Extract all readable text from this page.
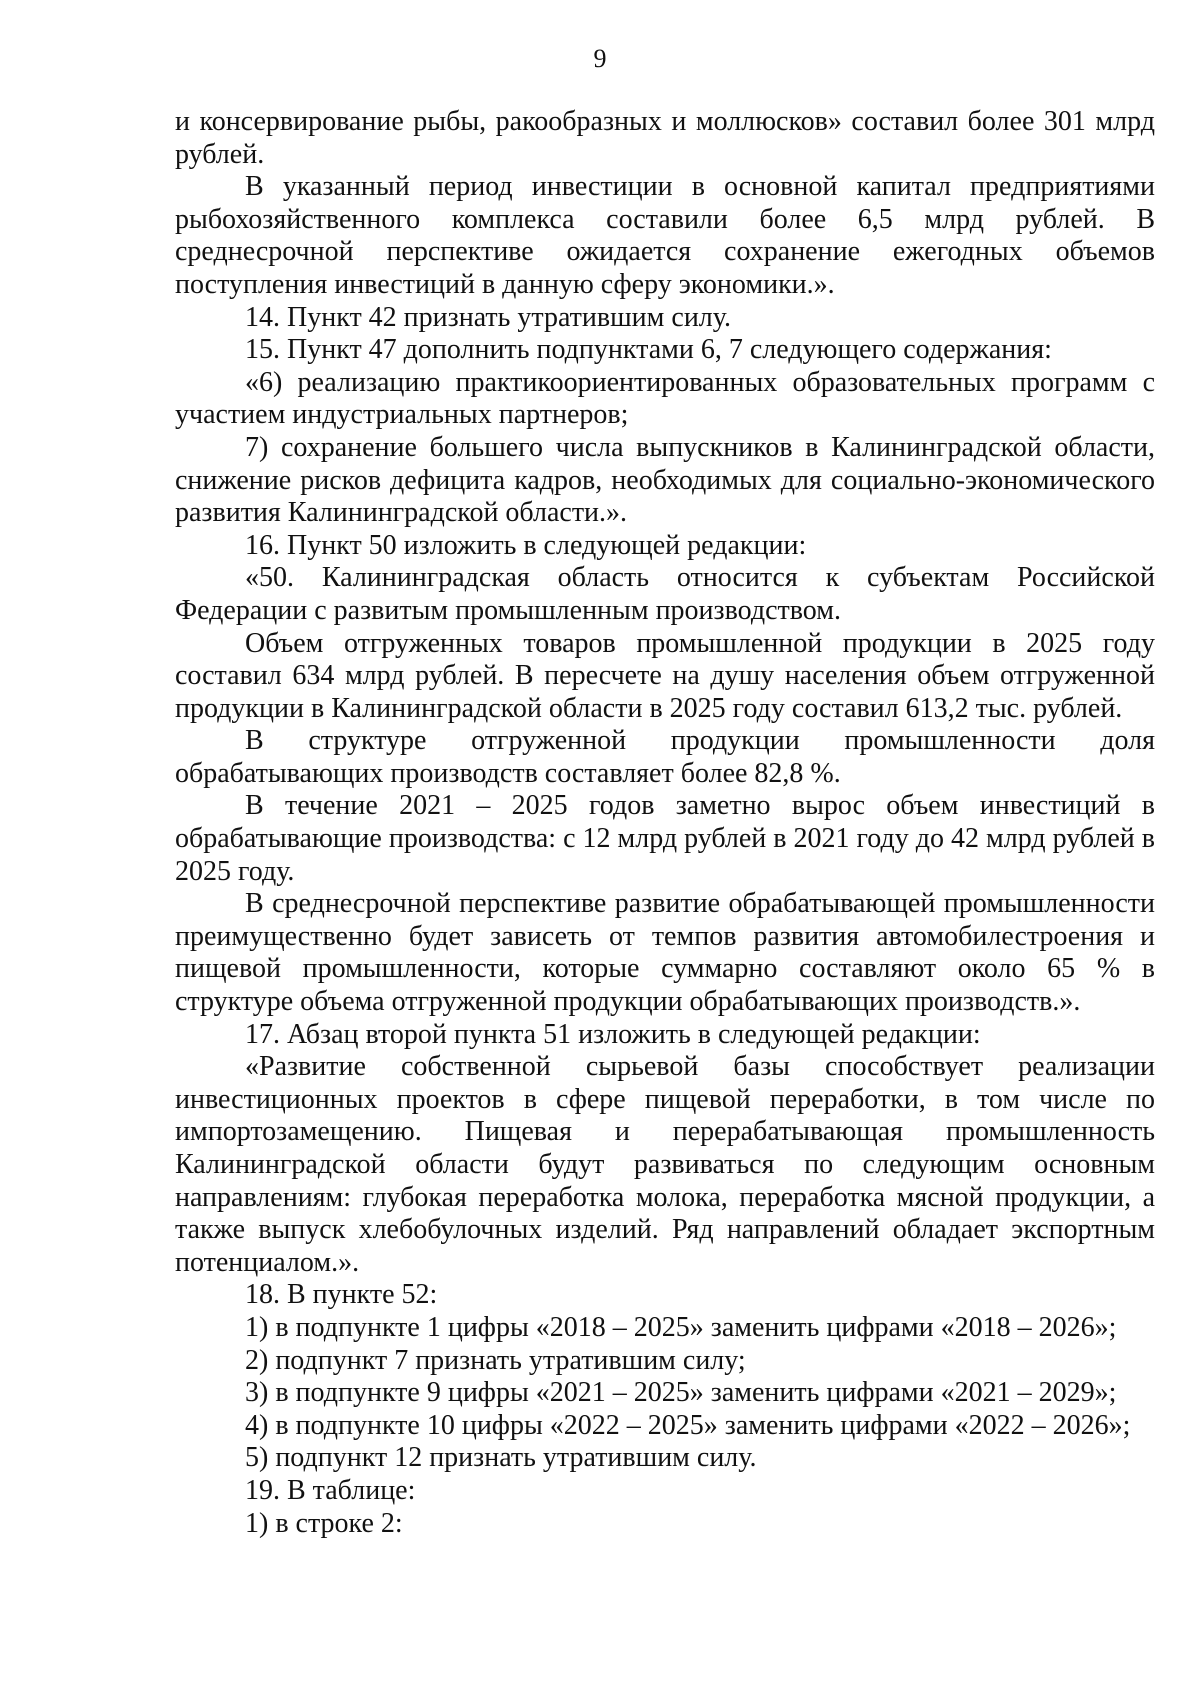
9

и консервирование рыбы, ракообразных и моллюсков» составил более 301 млрд рублей.

В указанный период инвестиции в основной капитал предприятиями рыбохозяйственного комплекса составили более 6,5 млрд рублей. В среднесрочной перспективе ожидается сохранение ежегодных объемов поступления инвестиций в данную сферу экономики.».

14. Пункт 42 признать утратившим силу.

15. Пункт 47 дополнить подпунктами 6, 7 следующего содержания:

«6) реализацию практикоориентированных образовательных программ с участием индустриальных партнеров;

7) сохранение большего числа выпускников в Калининградской области, снижение рисков дефицита кадров, необходимых для социально-экономического развития Калининградской области.».

16. Пункт 50 изложить в следующей редакции:

«50. Калининградская область относится к субъектам Российской Федерации с развитым промышленным производством.

Объем отгруженных товаров промышленной продукции в 2025 году составил 634 млрд рублей. В пересчете на душу населения объем отгруженной продукции в Калининградской области в 2025 году составил 613,2 тыс. рублей.

В структуре отгруженной продукции промышленности доля обрабатывающих производств составляет более 82,8 %.

В течение 2021 – 2025 годов заметно вырос объем инвестиций в обрабатывающие производства: с 12 млрд рублей в 2021 году до 42 млрд рублей в 2025 году.

В среднесрочной перспективе развитие обрабатывающей промышленности преимущественно будет зависеть от темпов развития автомобилестроения и пищевой промышленности, которые суммарно составляют около 65 % в структуре объема отгруженной продукции обрабатывающих производств.».

17. Абзац второй пункта 51 изложить в следующей редакции:

«Развитие собственной сырьевой базы способствует реализации инвестиционных проектов в сфере пищевой переработки, в том числе по импортозамещению. Пищевая и перерабатывающая промышленность Калининградской области будут развиваться по следующим основным направлениям: глубокая переработка молока, переработка мясной продукции, а также выпуск хлебобулочных изделий. Ряд направлений обладает экспортным потенциалом.».

18. В пункте 52:

1) в подпункте 1 цифры «2018 – 2025» заменить цифрами «2018 – 2026»;

2) подпункт 7 признать утратившим силу;

3) в подпункте 9 цифры «2021 – 2025» заменить цифрами «2021 – 2029»;

4) в подпункте 10 цифры «2022 – 2025» заменить цифрами «2022 – 2026»;

5) подпункт 12 признать утратившим силу.

19. В таблице:

1) в строке 2:
